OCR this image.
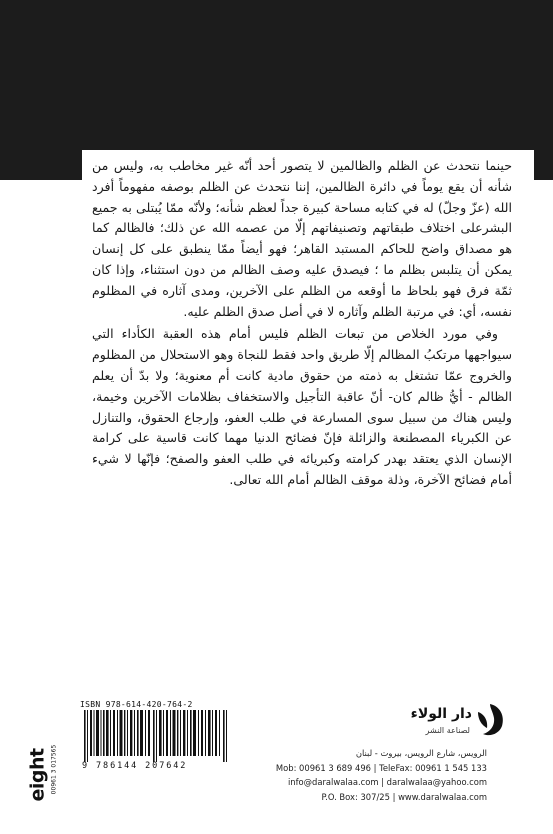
حينما نتحدث عن الظلم والظالمين لا يتصور أحد أنّه غير مخاطب به، وليس من شأنه أن يقع يوماً في دائرة الظالمين، إننا نتحدث عن الظلم بوصفه مفهوماً أفرد الله (عزّ وجلّ) له في كتابه مساحة كبيرة جداً لعظم شأنه؛ ولأنّه ممّا يُبتلى به جميع البشرعلى اختلاف طبقاتهم وتصنيفاتهم إلّا من عصمه الله عن ذلك؛ فالظالم كما هو مصداق واضح للحاكم المستبد القاهر؛ فهو أيضاً ممّا ينطبق على كل إنسان يمكن أن يتلبس بظلم ما ؛ فيصدق عليه وصف الظالم من دون استثناء، وإذا كان ثمّة فرق فهو بلحاظ ما أوقعه من الظلم على الآخرين، ومدى آثاره في المظلوم نفسه، أي: في مرتبة الظلم وآثاره لا في أصل صدق الظلم عليه.

وفي مورد الخلاص من تبعات الظلم فليس أمام هذه العقبة الكأداء التي سيواجهها مرتكبُ المظالم إلّا طريق واحد فقط للنجاة وهو الاستحلال من المظلوم والخروج عمّا تشتغل به ذمته من حقوق مادية كانت أم معنوية؛ ولا بدّ أن يعلم الظالم - أيُّ ظالم كان- أنّ عاقبة التأجيل والاستخفاف بظلامات الآخرين وخيمة، وليس هناك من سبيل سوى المسارعة في طلب العفو، وإرجاع الحقوق، والتنازل عن الكبرياء المصطنعة والزائلة فإنّ فضائح الدنيا مهما كانت قاسية على كرامة الإنسان الذي يعتقد بهدر كرامته وكبريائه في طلب العفو والصفح؛ فإنّها لا شيء أمام فضائح الآخرة، وذلة موقف الظالم أمام الله تعالى.

ISBN 978-614-420-764-2
9 786144 207642
eight 00961 3 017565
دار الولاء
لصناعة النشر
الرويس، شارع الرويس، بيروت - لبنان
Mob: 00961 3 689 496 | TeleFax: 00961 1 545 133
info@daralwalaa.com | daralwalaa@yahoo.com
P.O. Box: 307/25 | www.daralwalaa.com
